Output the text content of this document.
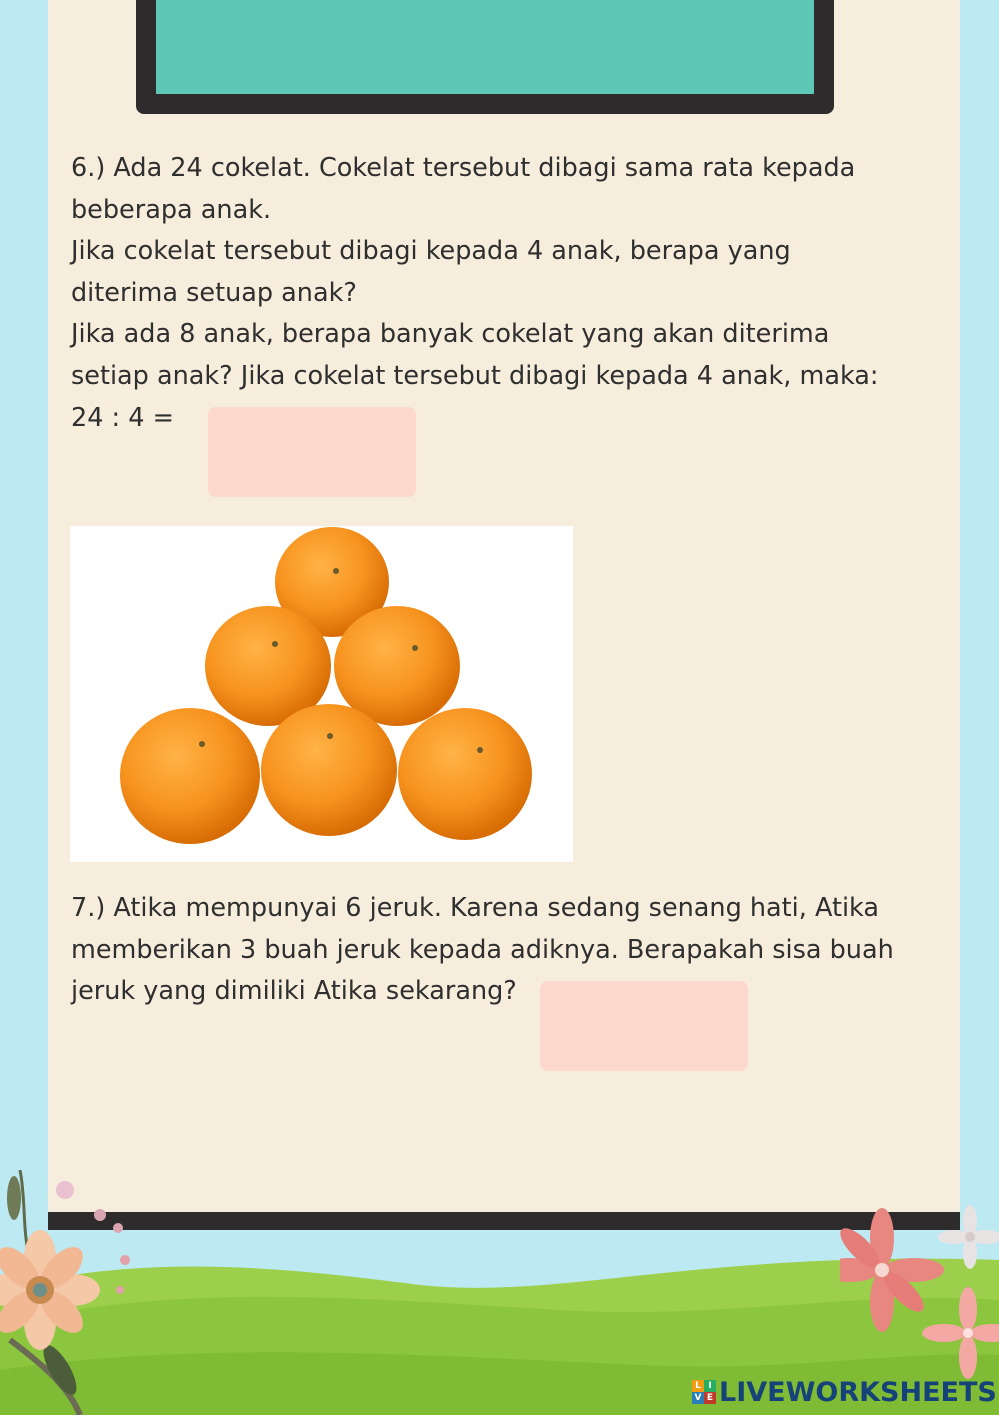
6.) Ada 24 cokelat. Cokelat tersebut dibagi sama rata kepada
beberapa anak.
Jika cokelat tersebut dibagi kepada 4 anak, berapa yang
diterima setuap anak?
Jika ada 8 anak, berapa banyak cokelat yang akan diterima
setiap anak? Jika cokelat tersebut dibagi kepada 4 anak, maka:
24 : 4 =
7.) Atika mempunyai 6 jeruk. Karena sedang senang hati, Atika
memberikan 3 buah jeruk kepada adiknya. Berapakah sisa buah
jeruk yang dimiliki Atika sekarang?
L I
V E LIVEWORKSHEETS
